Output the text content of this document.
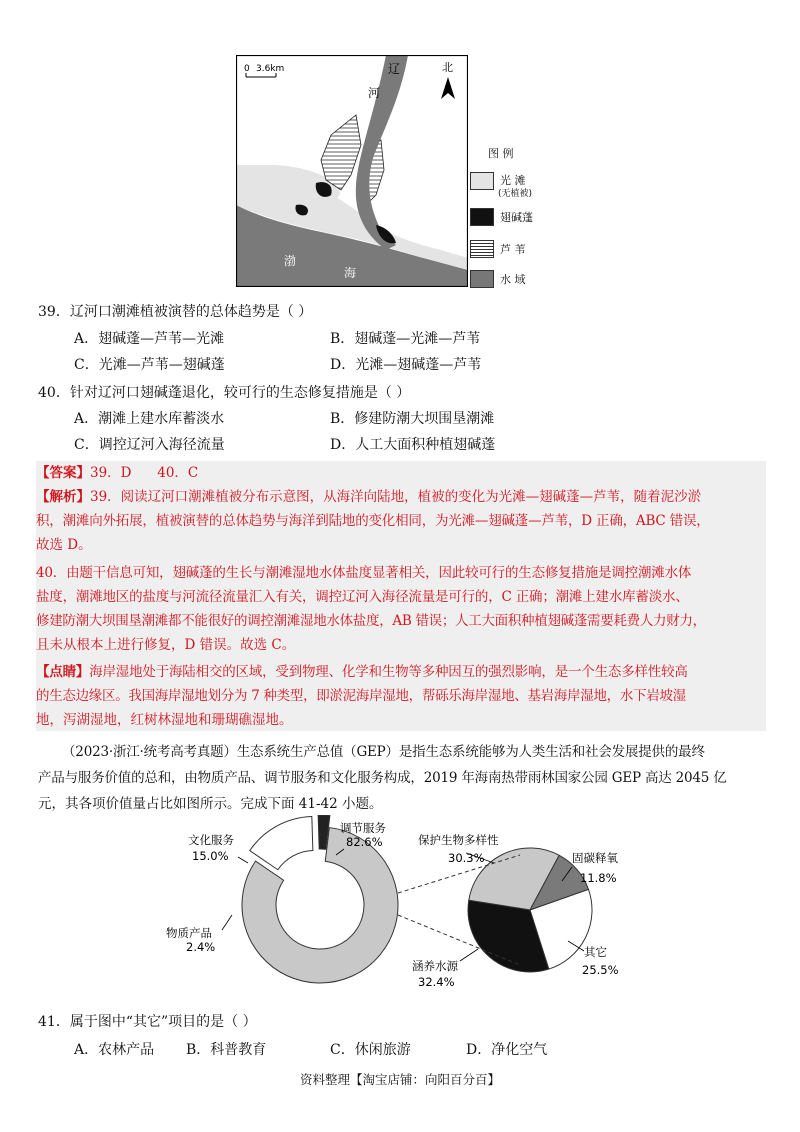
0 3.6km	北
辽
河
渤
海
图 例
光 滩
(无植被)
翅碱蓬
芦 苇
水 域
39．辽河口潮滩植被演替的总体趋势是（ ）
A．翅碱蓬—芦苇—光滩	B．翅碱蓬—光滩—芦苇
C．光滩—芦苇—翅碱蓬	D．光滩—翅碱蓬—芦苇
40．针对辽河口翅碱蓬退化，较可行的生态修复措施是（ ）
A．潮滩上建水库蓄淡水	B．修建防潮大坝围垦潮滩
C．调控辽河入海径流量	D．人工大面积种植翅碱蓬
【答案】39．D      40．C
【解析】39．阅读辽河口潮滩植被分布示意图，从海洋向陆地，植被的变化为光滩—翅碱蓬—芦苇，随着泥沙淤
积，潮滩向外拓展，植被演替的总体趋势与海洋到陆地的变化相同，为光滩—翅碱蓬—芦苇，D 正确，ABC 错误，
故选 D。
40．由题干信息可知，翅碱蓬的生长与潮滩湿地水体盐度显著相关，因此较可行的生态修复措施是调控潮滩水体
盐度，潮滩地区的盐度与河流径流量汇入有关，调控辽河入海径流量是可行的，C 正确；潮滩上建水库蓄淡水、
修建防潮大坝围垦潮滩都不能很好的调控潮滩湿地水体盐度，AB 错误；人工大面积种植翅碱蓬需要耗费人力财力，
且未从根本上进行修复，D 错误。故选 C。
【点睛】海岸湿地处于海陆相交的区域，受到物理、化学和生物等多种因互的强烈影响，是一个生态多样性较高
的生态边缘区。我国海岸湿地划分为 7 种类型，即淤泥海岸湿地，帮砾乐海岸湿地、基岩海岸湿地，水下岩坡湿
地，泻湖湿地，红树林湿地和珊瑚礁湿地。
（2023·浙江·统考高考真题）生态系统生产总值（GEP）是指生态系统能够为人类生活和社会发展提供的最终
产品与服务价值的总和，由物质产品、调节服务和文化服务构成，2019 年海南热带雨林国家公园 GEP 高达 2045 亿
元，其各项价值量占比如图所示。完成下面 41-42 小题。
调节服务
82.6%
文化服务
15.0%
物质产品
2.4%
保护生物多样性
30.3%	固碳释氧
11.8%
其它
25.5%
涵养水源
32.4%
41．属于图中“其它”项目的是（ ）
A．农林产品 B．科普教育	C．休闲旅游	D．净化空气
资料整理【淘宝店铺：向阳百分百】
